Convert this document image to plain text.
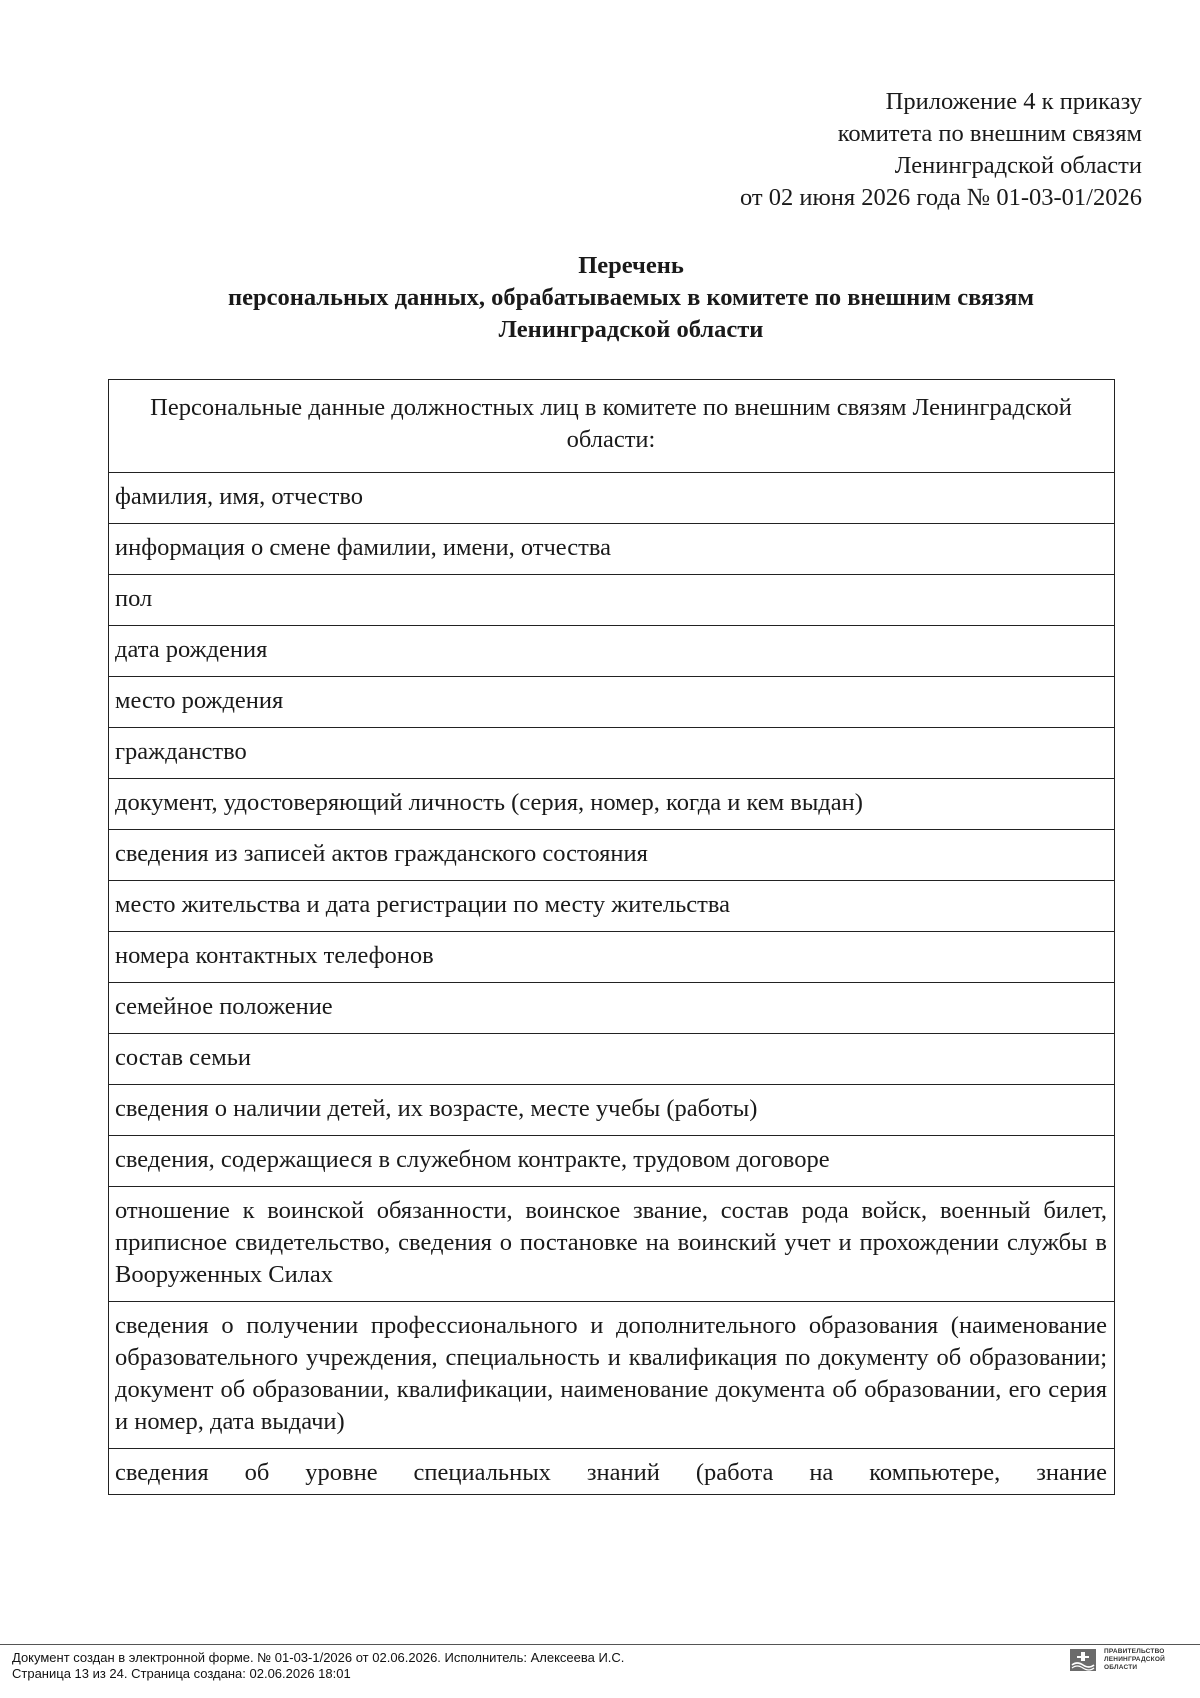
Приложение 4 к приказу
комитета по внешним связям
Ленинградской области
от 02 июня 2026 года № 01-03-01/2026
Перечень
персональных данных, обрабатываемых в комитете по внешним связям
Ленинградской области
Персональные данные должностных лиц в комитете по внешним связям Ленинградской области:
фамилия, имя, отчество
информация о смене фамилии, имени, отчества
пол
дата рождения
место рождения
гражданство
документ, удостоверяющий личность (серия, номер, когда и кем выдан)
сведения из записей актов гражданского состояния
место жительства и дата регистрации по месту жительства
номера контактных телефонов
семейное положение
состав семьи
сведения о наличии детей, их возрасте, месте учебы (работы)
сведения, содержащиеся в служебном контракте, трудовом договоре
отношение к воинской обязанности, воинское звание, состав рода войск, военный билет, приписное свидетельство, сведения о постановке на воинский учет и прохождении службы в Вооруженных Силах
сведения о получении профессионального и дополнительного образования (наименование образовательного учреждения, специальность и квалификация по документу об образовании; документ об образовании, квалификации, наименование документа об образовании, его серия и номер, дата выдачи)

сведения об уровне специальных знаний (работа на компьютере, знание
Документ создан в электронной форме. № 01-03-1/2026 от 02.06.2026. Исполнитель: Алексеева И.С.
Страница 13 из 24. Страница создана: 02.06.2026 18:01
ПРАВИТЕЛЬСТВО
ЛЕНИНГРАДСКОЙ
ОБЛАСТИ
